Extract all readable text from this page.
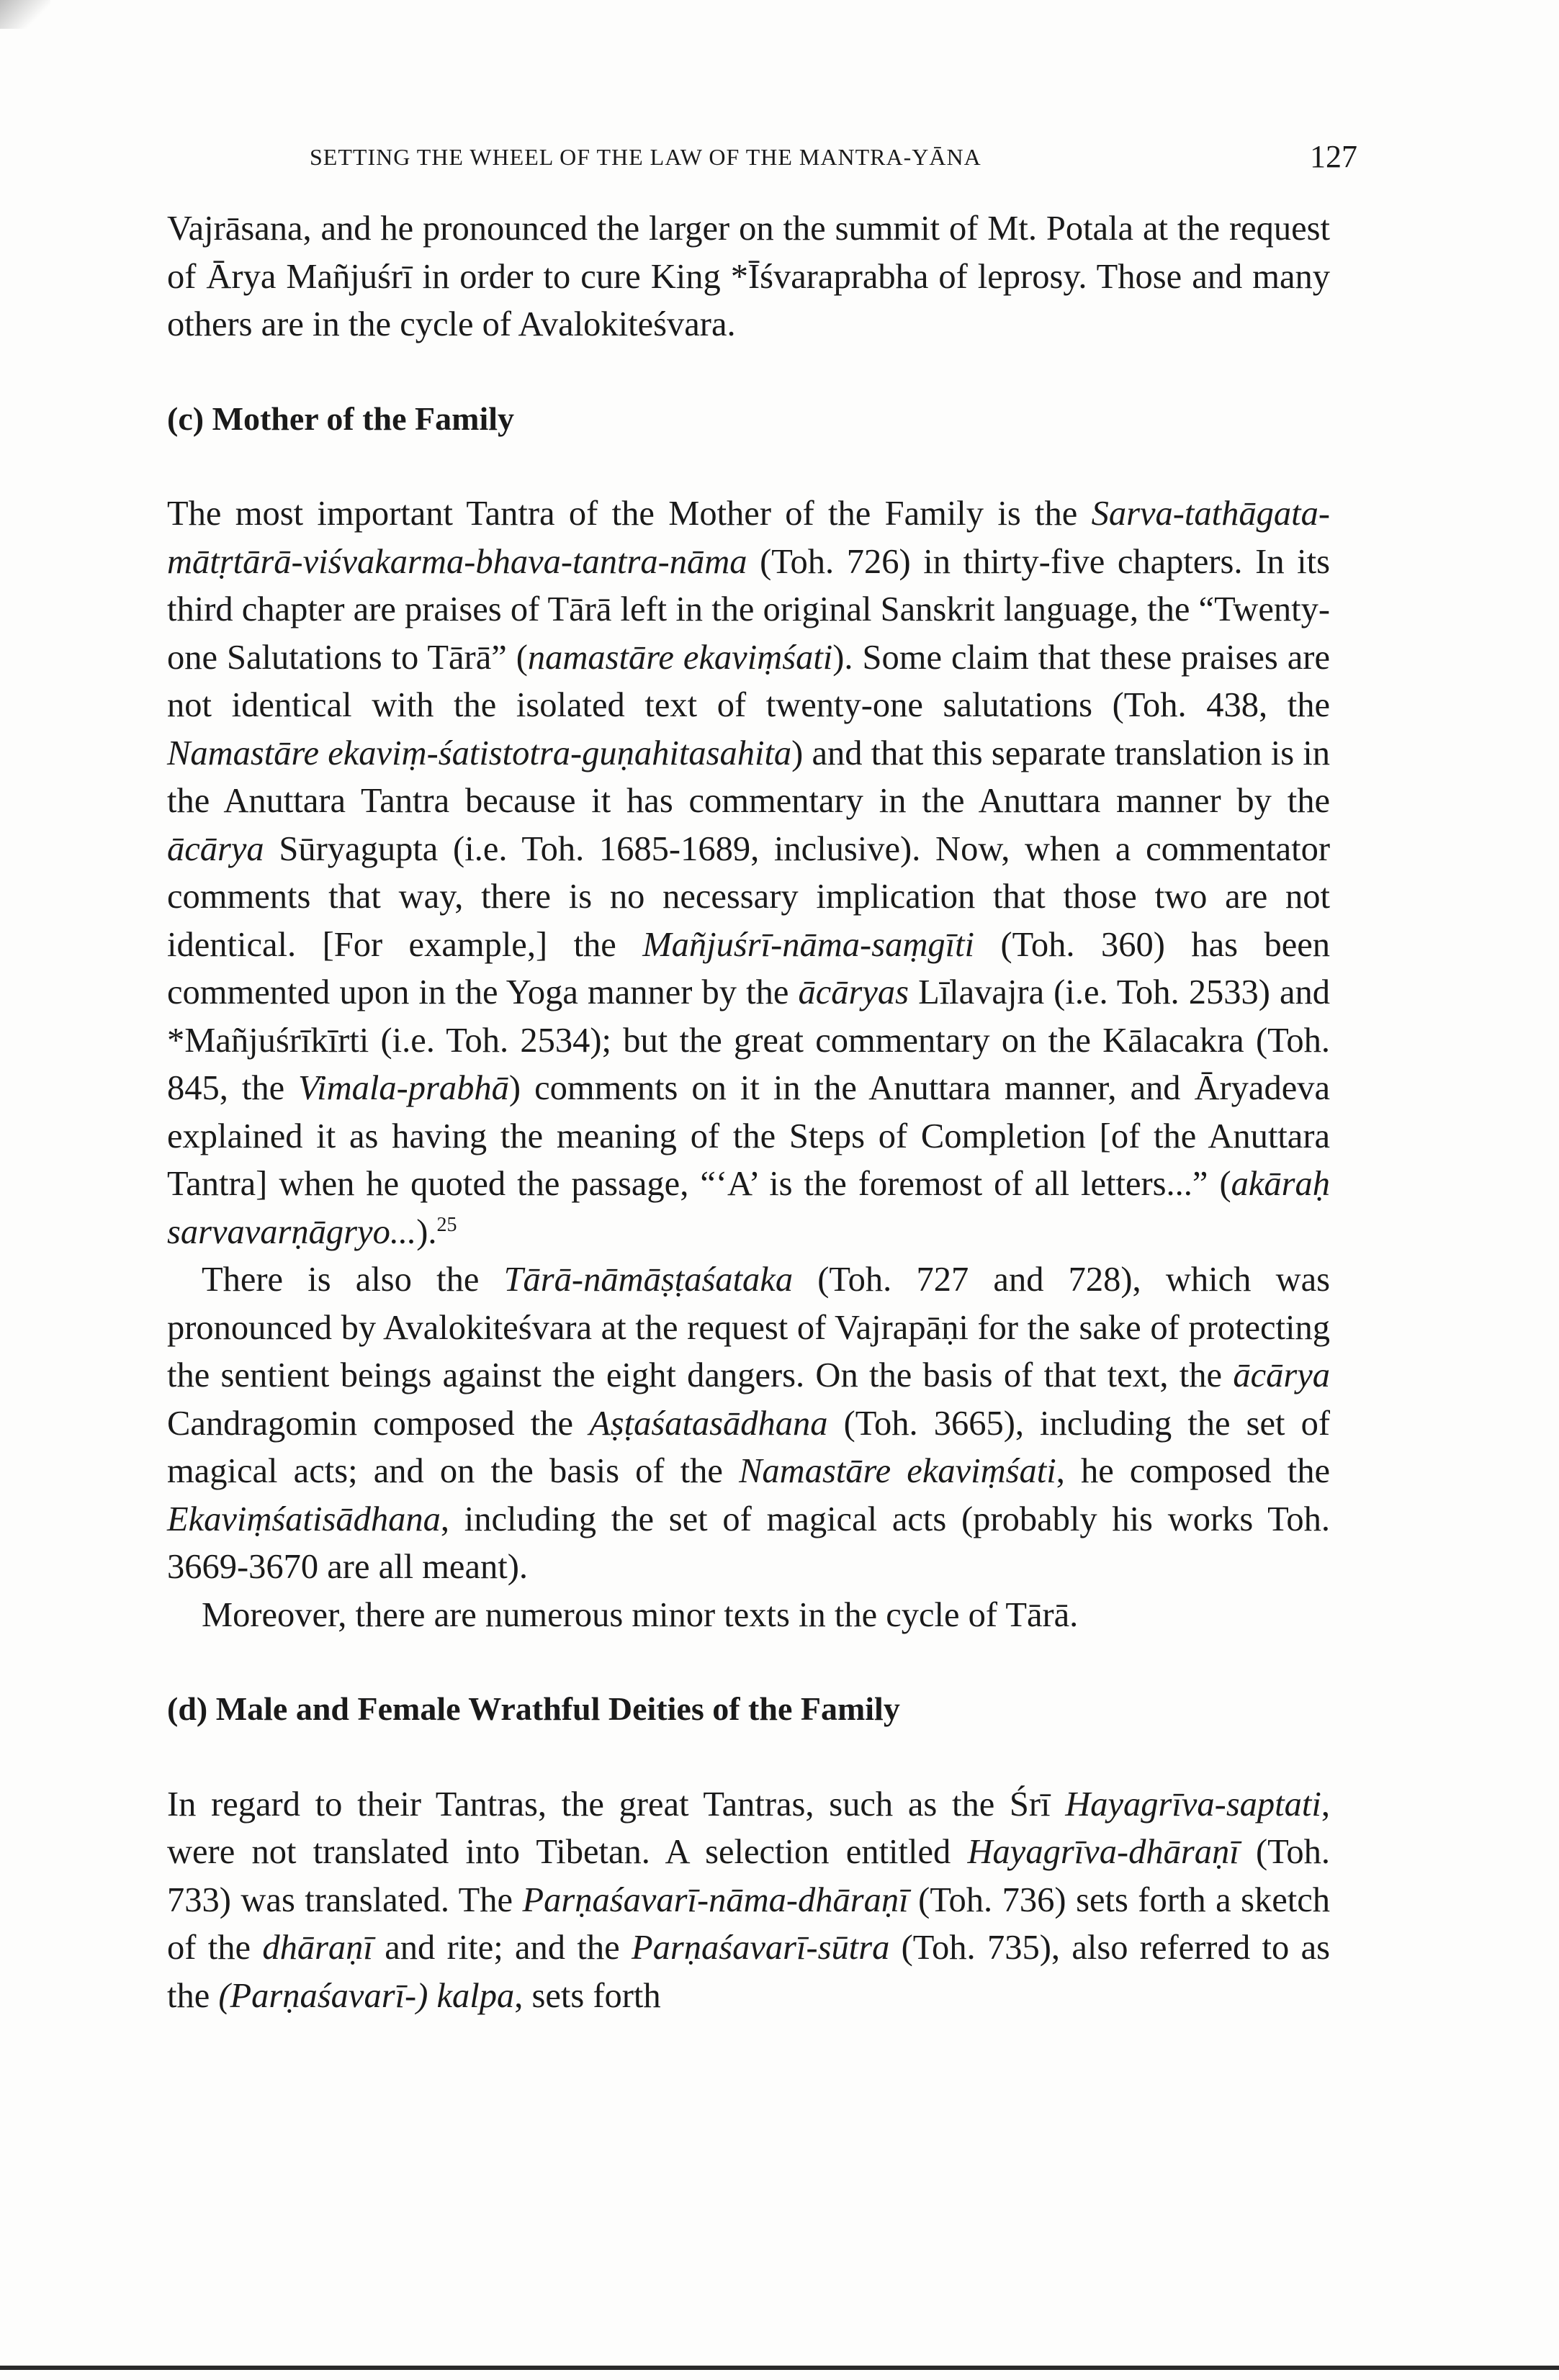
SETTING THE WHEEL OF THE LAW OF THE MANTRA-YĀNA	127

Vajrāsana, and he pronounced the larger on the summit of Mt. Potala at the request of Ārya Mañjuśrī in order to cure King *Īśvaraprabha of leprosy. Those and many others are in the cycle of Avalokiteśvara.

(c) Mother of the Family

The most important Tantra of the Mother of the Family is the Sarva-tathāgata-mātṛtārā-viśvakarma-bhava-tantra-nāma (Toh. 726) in thirty-five chapters. In its third chapter are praises of Tārā left in the original Sanskrit language, the “Twenty-one Salutations to Tārā” (namastāre ekaviṃśati). Some claim that these praises are not identical with the isolated text of twenty-one salutations (Toh. 438, the Namastāre ekaviṃ-śatistotra-guṇahitasahita) and that this separate translation is in the Anuttara Tantra because it has commentary in the Anuttara manner by the ācārya Sūryagupta (i.e. Toh. 1685-1689, inclusive). Now, when a commentator comments that way, there is no necessary implication that those two are not identical. [For example,] the Mañjuśrī-nāma-saṃgīti (Toh. 360) has been commented upon in the Yoga manner by the ācāryas Līlavajra (i.e. Toh. 2533) and *Mañjuśrīkīrti (i.e. Toh. 2534); but the great commentary on the Kālacakra (Toh. 845, the Vimala-prabhā) comments on it in the Anuttara manner, and Āryadeva explained it as having the meaning of the Steps of Completion [of the Anuttara Tantra] when he quoted the passage, “‘A’ is the foremost of all letters...” (akāraḥ sarvavarṇāgryo...).$^{25}$

There is also the Tārā-nāmāṣṭaśataka (Toh. 727 and 728), which was pronounced by Avalokiteśvara at the request of Vajrapāṇi for the sake of protecting the sentient beings against the eight dangers. On the basis of that text, the ācārya Candragomin composed the Aṣṭaśatasādhana (Toh. 3665), including the set of magical acts; and on the basis of the Namastāre ekaviṃśati, he composed the Ekaviṃśatisādhana, including the set of magical acts (probably his works Toh. 3669-3670 are all meant).

Moreover, there are numerous minor texts in the cycle of Tārā.

(d) Male and Female Wrathful Deities of the Family

In regard to their Tantras, the great Tantras, such as the Śrī Hayagrīva-saptati, were not translated into Tibetan. A selection entitled Hayagrīva-dhāraṇī (Toh. 733) was translated. The Parṇaśavarī-nāma-dhāraṇī (Toh. 736) sets forth a sketch of the dhāraṇī and rite; and the Parṇaśavarī-sūtra (Toh. 735), also referred to as the (Parṇaśavarī-) kalpa, sets forth
